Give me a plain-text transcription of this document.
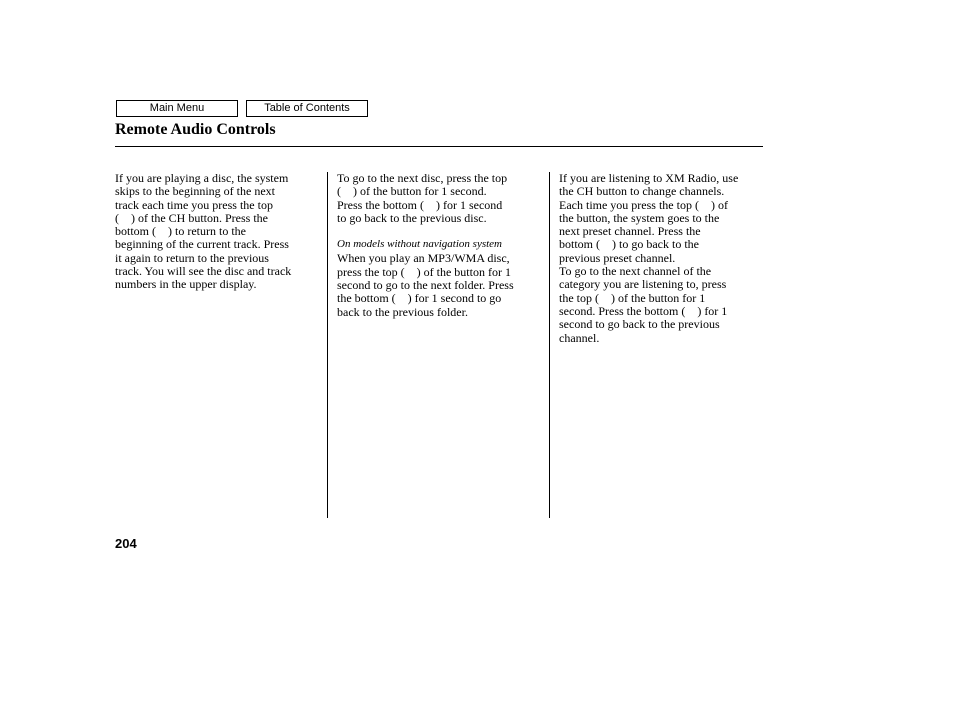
Main Menu	Table of Contents
Remote Audio Controls

If you are playing a disc, the system

skips to the beginning of the next

track each time you press the top

(  ) of the CH button. Press the

bottom (  ) to return to the

beginning of the current track. Press

it again to return to the previous

track. You will see the disc and track

numbers in the upper display.

To go to the next disc, press the top

(  ) of the button for 1 second.

Press the bottom (  ) for 1 second

to go back to the previous disc.

On models without navigation system

When you play an MP3/WMA disc,

press the top (  ) of the button for 1

second to go to the next folder. Press

the bottom (  ) for 1 second to go

back to the previous folder.

If you are listening to XM Radio, use

the CH button to change channels.

Each time you press the top (  ) of

the button, the system goes to the

next preset channel. Press the

bottom (  ) to go back to the

previous preset channel.

To go to the next channel of the

category you are listening to, press

the top (  ) of the button for 1

second. Press the bottom (  ) for 1

second to go back to the previous

channel.

204
